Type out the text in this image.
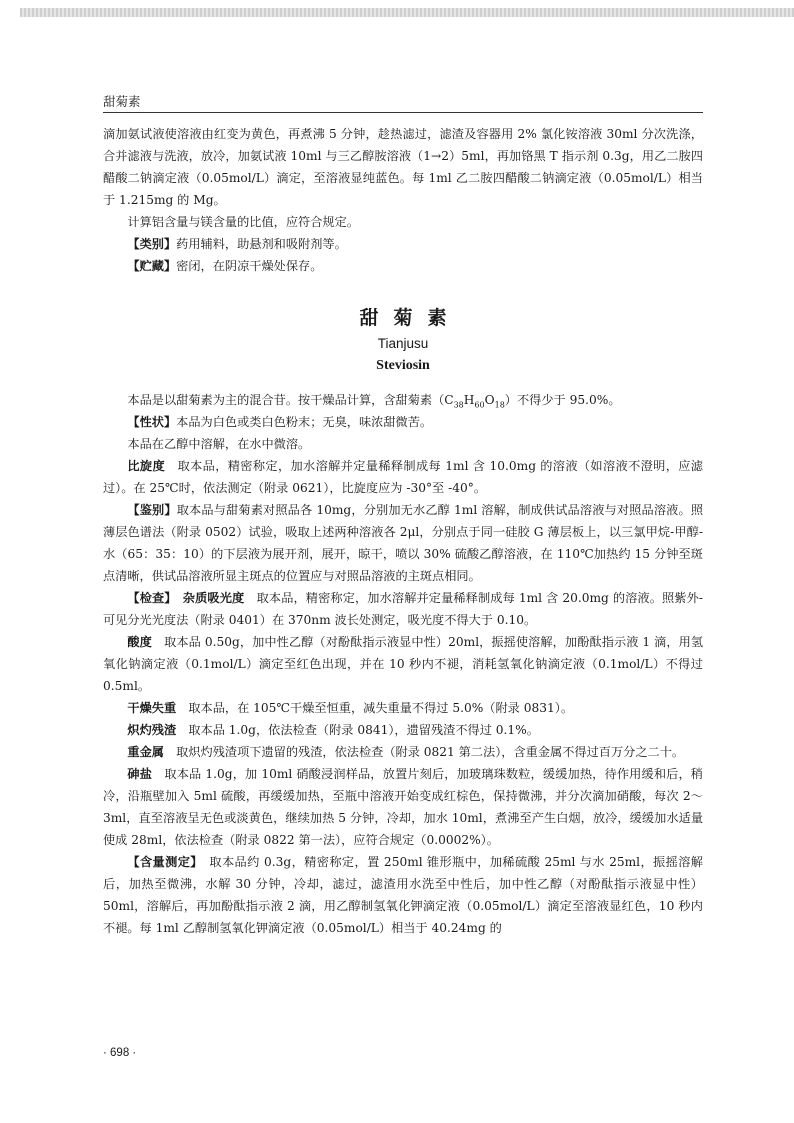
甜菊素

滴加氨试液使溶液由红变为黄色，再煮沸 5 分钟，趁热滤过，滤渣及容器用 2% 氯化铵溶液 30ml 分次洗涤，合并滤液与洗液，放冷，加氨试液 10ml 与三乙醇胺溶液（1→2）5ml，再加铬黑 T 指示剂 0.3g，用乙二胺四醋酸二钠滴定液（0.05mol/L）滴定，至溶液显纯蓝色。每 1ml 乙二胺四醋酸二钠滴定液（0.05mol/L）相当于 1.215mg 的 Mg。

计算铝含量与镁含量的比值，应符合规定。

【类别】药用辅料，助悬剂和吸附剂等。

【贮藏】密闭，在阴凉干燥处保存。

甜菊素
Tianjusu
Steviosin

本品是以甜菊素为主的混合苷。按干燥品计算，含甜菊素$(C_{38}H_{60}O_{18})$不得少于 95.0%。

【性状】本品为白色或类白色粉末；无臭，味浓甜微苦。

本品在乙醇中溶解，在水中微溶。

比旋度　 取本品，精密称定，加水溶解并定量稀释制成每 1ml 含 10.0mg 的溶液（如溶液不澄明，应滤过）。在 25℃时，依法测定（附录 0621），比旋度应为 -30°至 -40°。

【鉴别】取本品与甜菊素对照品各 10mg，分别加无水乙醇 1ml 溶解，制成供试品溶液与对照品溶液。照薄层色谱法（附录 0502）试验，吸取上述两种溶液各 2μl，分别点于同一硅胶 G 薄层板上，以三氯甲烷-甲醇-水（65：35：10）的下层液为展开剂，展开，晾干，喷以 30% 硫酸乙醇溶液，在 110℃加热约 15 分钟至斑点清晰，供试品溶液所显主斑点的位置应与对照品溶液的主斑点相同。

【检查】　 杂质吸光度　 取本品，精密称定，加水溶解并定量稀释制成每 1ml 含 20.0mg 的溶液。照紫外-可见分光光度法（附录 0401）在 370nm 波长处测定，吸光度不得大于 0.10。

酸度　 取本品 0.50g，加中性乙醇（对酚酞指示液显中性）20ml，振摇使溶解，加酚酞指示液 1 滴，用氢氧化钠滴定液（0.1mol/L）滴定至红色出现，并在 10 秒内不褪，消耗氢氧化钠滴定液（0.1mol/L）不得过 0.5ml。

干燥失重　 取本品，在 105℃干燥至恒重，减失重量不得过 5.0%（附录 0831）。

炽灼残渣　 取本品 1.0g，依法检查（附录 0841），遗留残渣不得过 0.1%。

重金属　 取炽灼残渣项下遗留的残渣，依法检查（附录 0821 第二法），含重金属不得过百万分之二十。

砷盐　 取本品 1.0g，加 10ml 硝酸浸润样品，放置片刻后，加玻璃珠数粒，缓缓加热，待作用缓和后，稍冷，沿瓶壁加入 5ml 硫酸，再缓缓加热，至瓶中溶液开始变成红棕色，保持微沸，并分次滴加硝酸，每次 2～3ml，直至溶液呈无色或淡黄色，继续加热 5 分钟，冷却，加水 10ml，煮沸至产生白烟，放冷，缓缓加水适量使成 28ml，依法检查（附录 0822 第一法），应符合规定（0.0002%）。

【含量测定】　 取本品约 0.3g，精密称定，置 250ml 锥形瓶中，加稀硫酸 25ml 与水 25ml，振摇溶解后，加热至微沸，水解 30 分钟，冷却，滤过，滤渣用水洗至中性后，加中性乙醇（对酚酞指示液显中性）50ml，溶解后，再加酚酞指示液 2 滴，用乙醇制氢氧化钾滴定液（0.05mol/L）滴定至溶液显红色，10 秒内不褪。每 1ml 乙醇制氢氧化钾滴定液（0.05mol/L）相当于 40.24mg 的

· 698 ·
